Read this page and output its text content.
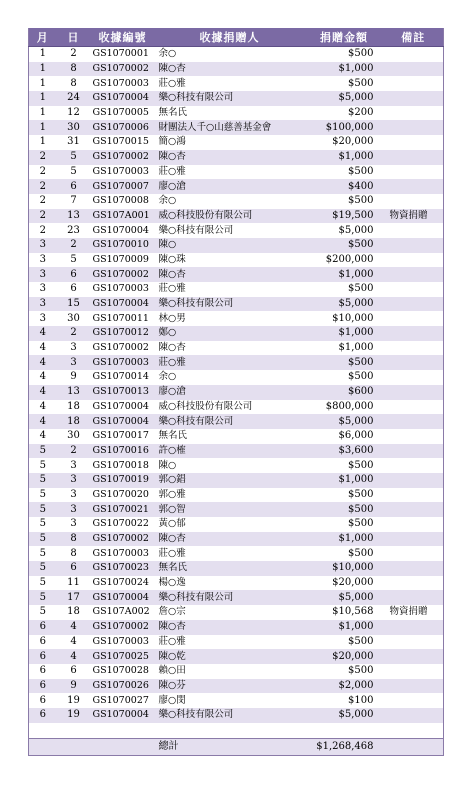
月	日	收據編號	收據捐贈人	捐贈金額	備註
1	2	GS1070001	余○	$500	
1	8	GS1070002	陳○杏	$1,000	
1	8	GS1070003	莊○雅	$500	
1	24	GS1070004	樂○科技有限公司	$5,000	
1	12	GS1070005	無名氏	$200	
1	30	GS1070006	財團法人千○山慈善基金會	$100,000	
1	31	GS1070015	簡○鴻	$20,000	
2	5	GS1070002	陳○杏	$1,000	
2	5	GS1070003	莊○雅	$500	
2	6	GS1070007	廖○滄	$400	
2	7	GS1070008	余○	$500	
2	13	GS107A001	威○科技股份有限公司	$19,500	物資捐贈
2	23	GS1070004	樂○科技有限公司	$5,000	
3	2	GS1070010	陳○	$500	
3	5	GS1070009	陳○珠	$200,000	
3	6	GS1070002	陳○杏	$1,000	
3	6	GS1070003	莊○雅	$500	
3	15	GS1070004	樂○科技有限公司	$5,000	
3	30	GS1070011	林○男	$10,000	
4	2	GS1070012	鄭○	$1,000	
4	3	GS1070002	陳○杏	$1,000	
4	3	GS1070003	莊○雅	$500	
4	9	GS1070014	余○	$500	
4	13	GS1070013	廖○滄	$600	
4	18	GS1070004	威○科技股份有限公司	$800,000	
4	18	GS1070004	樂○科技有限公司	$5,000	
4	30	GS1070017	無名氏	$6,000	
5	2	GS1070016	許○榷	$3,600	
5	3	GS1070018	陳○	$500	
5	3	GS1070019	郭○錩	$1,000	
5	3	GS1070020	郭○雅	$500	
5	3	GS1070021	郭○智	$500	
5	3	GS1070022	黃○郁	$500	
5	8	GS1070002	陳○杏	$1,000	
5	8	GS1070003	莊○雅	$500	
5	6	GS1070023	無名氏	$10,000	
5	11	GS1070024	楊○逸	$20,000	
5	17	GS1070004	樂○科技有限公司	$5,000	
5	18	GS107A002	詹○宗	$10,568	物資捐贈
6	4	GS1070002	陳○杏	$1,000	
6	4	GS1070003	莊○雅	$500	
6	4	GS1070025	陳○乾	$20,000	
6	6	GS1070028	賴○田	$500	
6	9	GS1070026	陳○芬	$2,000	
6	19	GS1070027	廖○閔	$100	
6	19	GS1070004	樂○科技有限公司	$5,000	

			總計	$1,268,468	
